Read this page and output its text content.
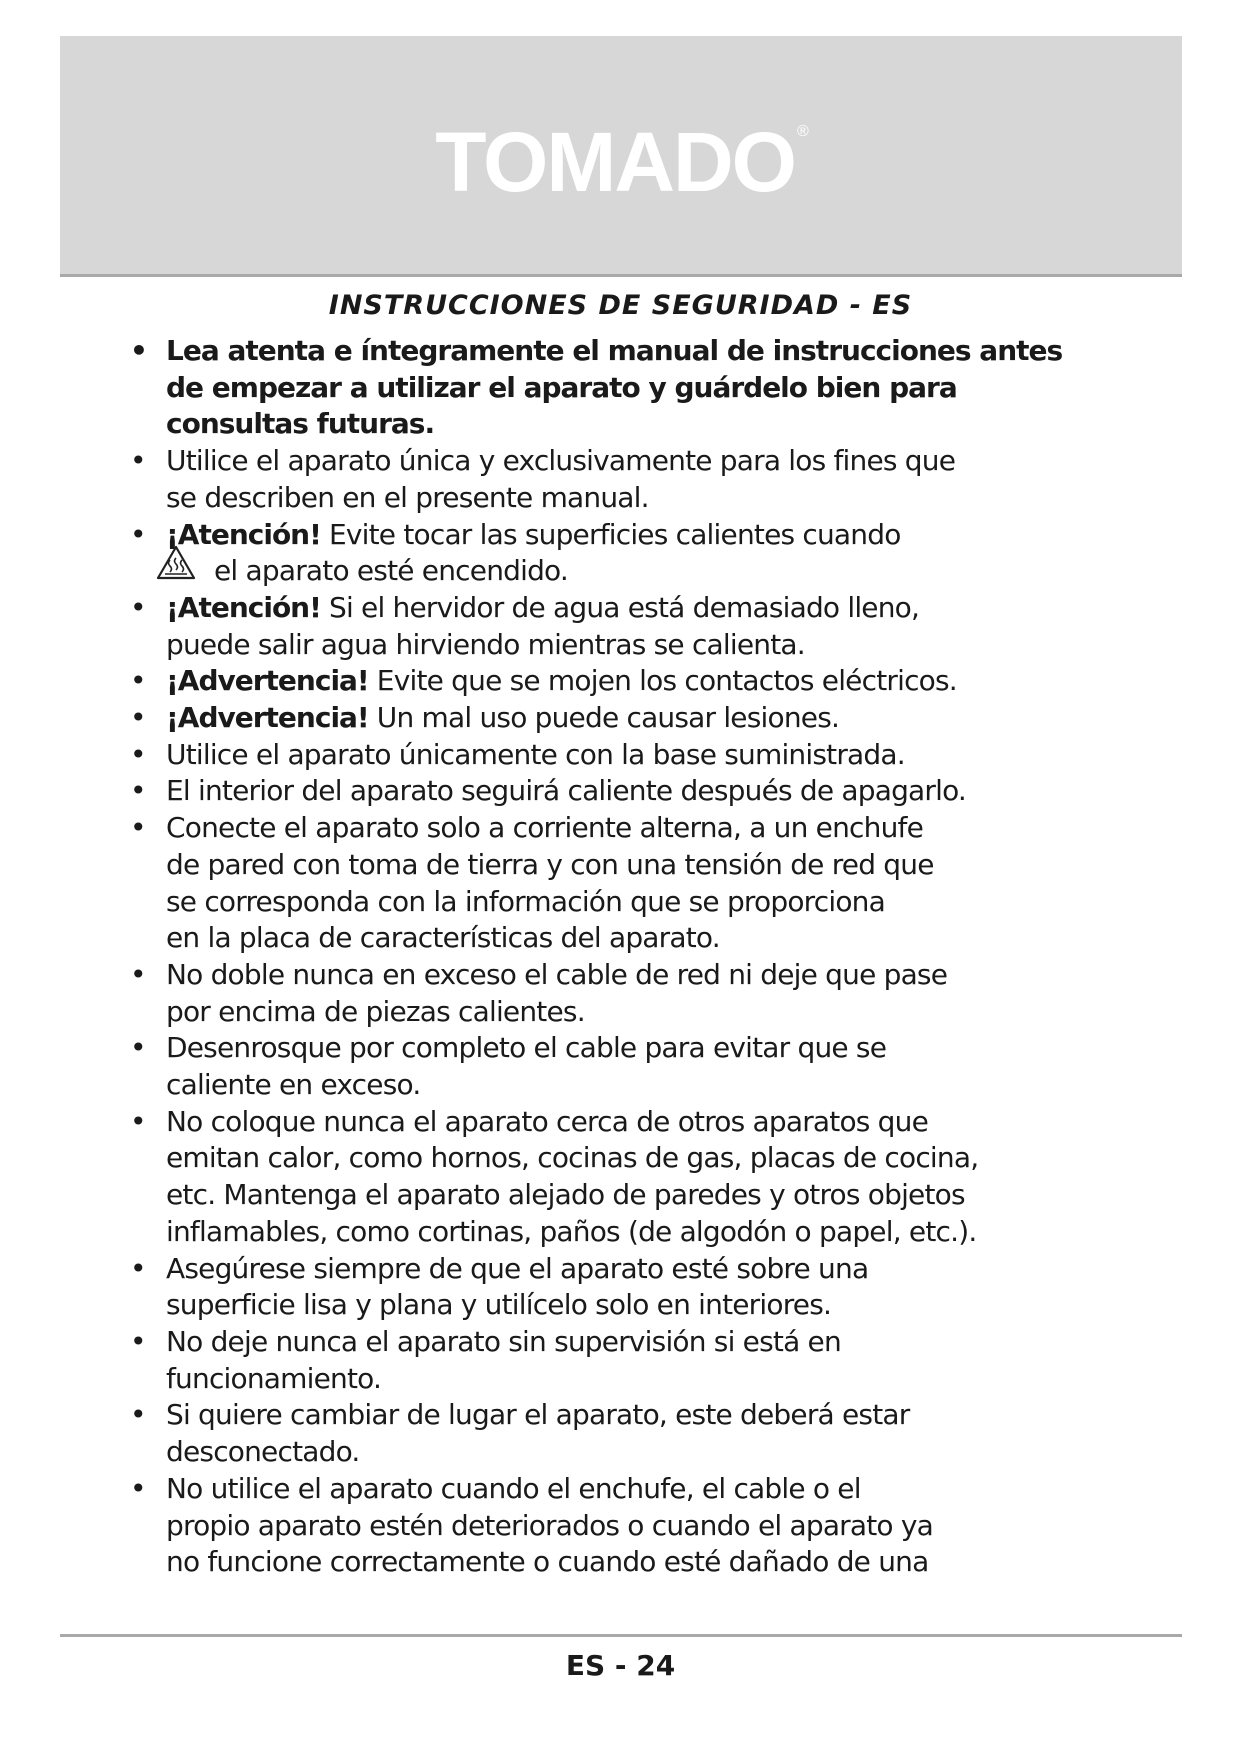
TOMADO ®
INSTRUCCIONES DE SEGURIDAD - ES
• Lea atenta e íntegramente el manual de instrucciones antes
de empezar a utilizar el aparato y guárdelo bien para
consultas futuras.
• Utilice el aparato única y exclusivamente para los fines que
se describen en el presente manual.
• ¡Atención! Evite tocar las superficies calientes cuando
el aparato esté encendido.
• ¡Atención! Si el hervidor de agua está demasiado lleno,
puede salir agua hirviendo mientras se calienta.
• ¡Advertencia! Evite que se mojen los contactos eléctricos.
• ¡Advertencia! Un mal uso puede causar lesiones.
• Utilice el aparato únicamente con la base suministrada.
• El interior del aparato seguirá caliente después de apagarlo.
• Conecte el aparato solo a corriente alterna, a un enchufe
de pared con toma de tierra y con una tensión de red que
se corresponda con la información que se proporciona
en la placa de características del aparato.
• No doble nunca en exceso el cable de red ni deje que pase
por encima de piezas calientes.
• Desenrosque por completo el cable para evitar que se
caliente en exceso.
• No coloque nunca el aparato cerca de otros aparatos que
emitan calor, como hornos, cocinas de gas, placas de cocina,
etc. Mantenga el aparato alejado de paredes y otros objetos
inflamables, como cortinas, paños (de algodón o papel, etc.).
• Asegúrese siempre de que el aparato esté sobre una
superficie lisa y plana y utilícelo solo en interiores.
• No deje nunca el aparato sin supervisión si está en
funcionamiento.
• Si quiere cambiar de lugar el aparato, este deberá estar
desconectado.
• No utilice el aparato cuando el enchufe, el cable o el
propio aparato estén deteriorados o cuando el aparato ya
no funcione correctamente o cuando esté dañado de una
ES - 24
